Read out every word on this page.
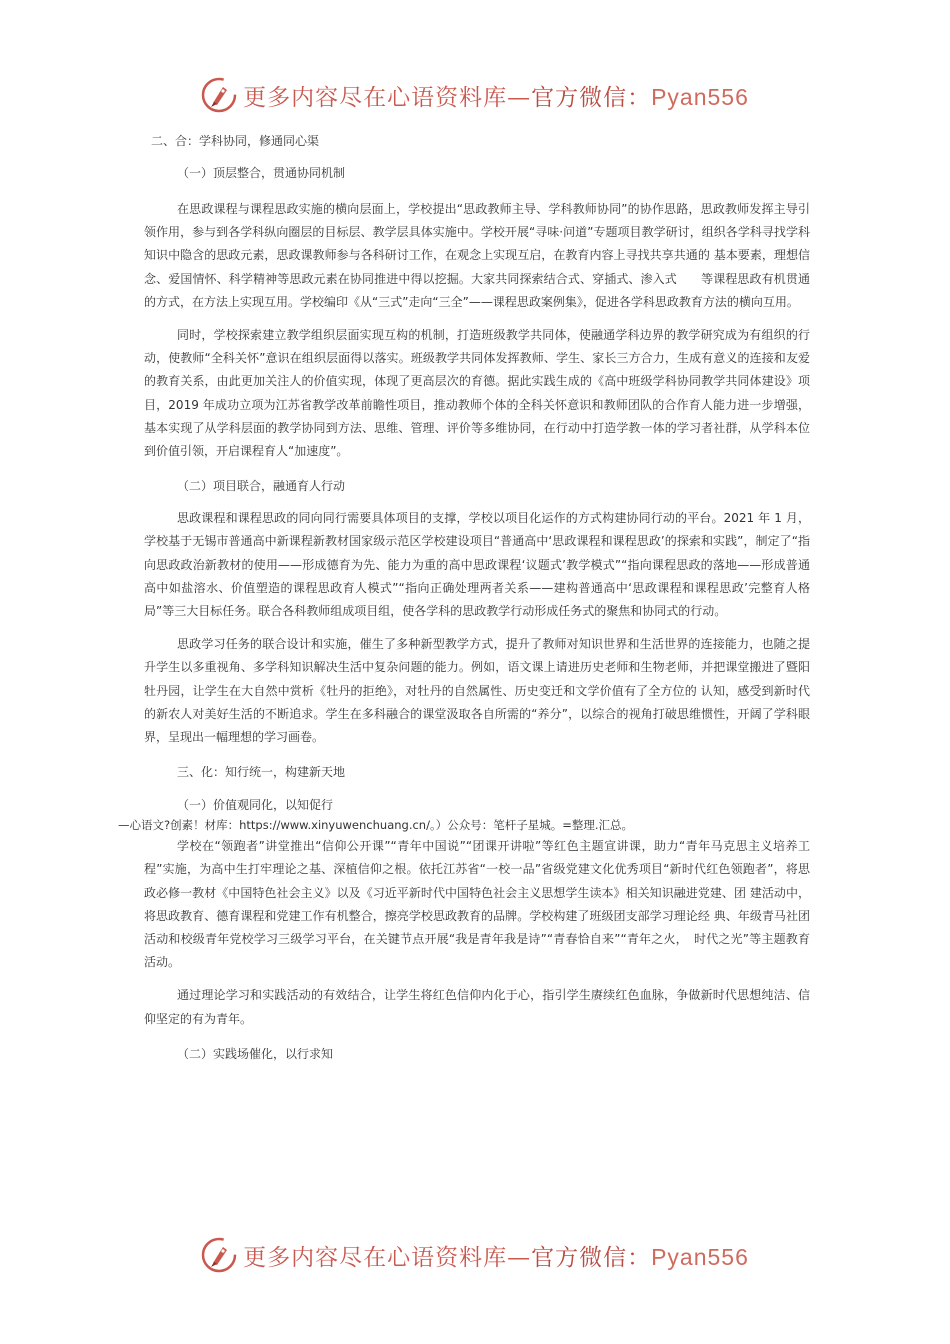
更多内容尽在心语资料库—官方微信：Pyan556

二、合：学科协同，修通同心渠

（一）顶层整合，贯通协同机制

在思政课程与课程思政实施的横向层面上，学校提出“思政教师主导、学科教师协同”的协作思路，思政教师发挥主导引领作用，参与到各学科纵向圈层的目标层、教学层具体实施中。学校开展“寻味·问道”专题项目教学研讨，组织各学科寻找学科知识中隐含的思政元素，思政课教师参与各科研讨工作，在观念上实现互启，在教育内容上寻找共享共通的 基本要素，理想信念、爱国情怀、科学精神等思政元素在协同推进中得以挖掘。大家共同探索结合式、穿插式、渗入式　　等课程思政有机贯通的方式，在方法上实现互用。学校编印《从“三式”走向“三全”——课程思政案例集》，促进各学科思政教育方法的横向互用。

同时，学校探索建立教学组织层面实现互构的机制，打造班级教学共同体，使融通学科边界的教学研究成为有组织的行动，使教师“全科关怀”意识在组织层面得以落实。班级教学共同体发挥教师、学生、家长三方合力，生成有意义的连接和友爱的教育关系，由此更加关注人的价值实现，体现了更高层次的育德。据此实践生成的《高中班级学科协同教学共同体建设》项目，2019 年成功立项为江苏省教学改革前瞻性项目，推动教师个体的全科关怀意识和教师团队的合作育人能力进一步增强，基本实现了从学科层面的教学协同到方法、思维、管理、评价等多维协同，在行动中打造学教一体的学习者社群，从学科本位到价值引领，开启课程育人“加速度”。

（二）项目联合，融通育人行动

思政课程和课程思政的同向同行需要具体项目的支撑，学校以项目化运作的方式构建协同行动的平台。2021 年 1 月，学校基于无锡市普通高中新课程新教材国家级示范区学校建设项目“普通高中‘思政课程和课程思政’的探索和实践”，制定了“指向思政政治新教材的使用——形成德育为先、能力为重的高中思政课程‘议题式’教学模式”“指向课程思政的落地——形成普通高中如盐溶水、价值塑造的课程思政育人模式”“指向正确处理两者关系——建构普通高中‘思政课程和课程思政’完整育人格局”等三大目标任务。联合各科教师组成项目组，使各学科的思政教学行动形成任务式的聚焦和协同式的行动。

思政学习任务的联合设计和实施，催生了多种新型教学方式，提升了教师对知识世界和生活世界的连接能力，也随之提升学生以多重视角、多学科知识解决生活中复杂问题的能力。例如，语文课上请进历史老师和生物老师，并把课堂搬进了暨阳牡丹园，让学生在大自然中赏析《牡丹的拒绝》，对牡丹的自然属性、历史变迁和文学价值有了全方位的 认知，感受到新时代的新农人对美好生活的不断追求。学生在多科融合的课堂汲取各自所需的“养分”，以综合的视角打破思维惯性，开阔了学科眼界，呈现出一幅理想的学习画卷。

三、化：知行统一，构建新天地

（一）价值观同化，以知促行

—心语文?创素！材库：https://www.xinyuwenchuang.cn/。）公众号：笔杆子星城。=整理.汇总。

学校在“领跑者”讲堂推出“信仰公开课”“青年中国说”“团课开讲啦”等红色主题宣讲课，助力“青年马克思主义培养工程”实施，为高中生打牢理论之基、深植信仰之根。依托江苏省“一校一品”省级党建文化优秀项目“新时代红色领跑者”，将思政必修一教材《中国特色社会主义》以及《习近平新时代中国特色社会主义思想学生读本》相关知识融进党建、团 建活动中，将思政教育、德育课程和党建工作有机整合，擦亮学校思政教育的品牌。学校构建了班级团支部学习理论经 典、年级青马社团活动和校级青年党校学习三级学习平台，在关键节点开展“我是青年我是诗”“青春恰自来”“青年之火，　时代之光”等主题教育活动。

通过理论学习和实践活动的有效结合，让学生将红色信仰内化于心，指引学生赓续红色血脉，争做新时代思想纯洁、信仰坚定的有为青年。

（二）实践场催化，以行求知

更多内容尽在心语资料库—官方微信：Pyan556
